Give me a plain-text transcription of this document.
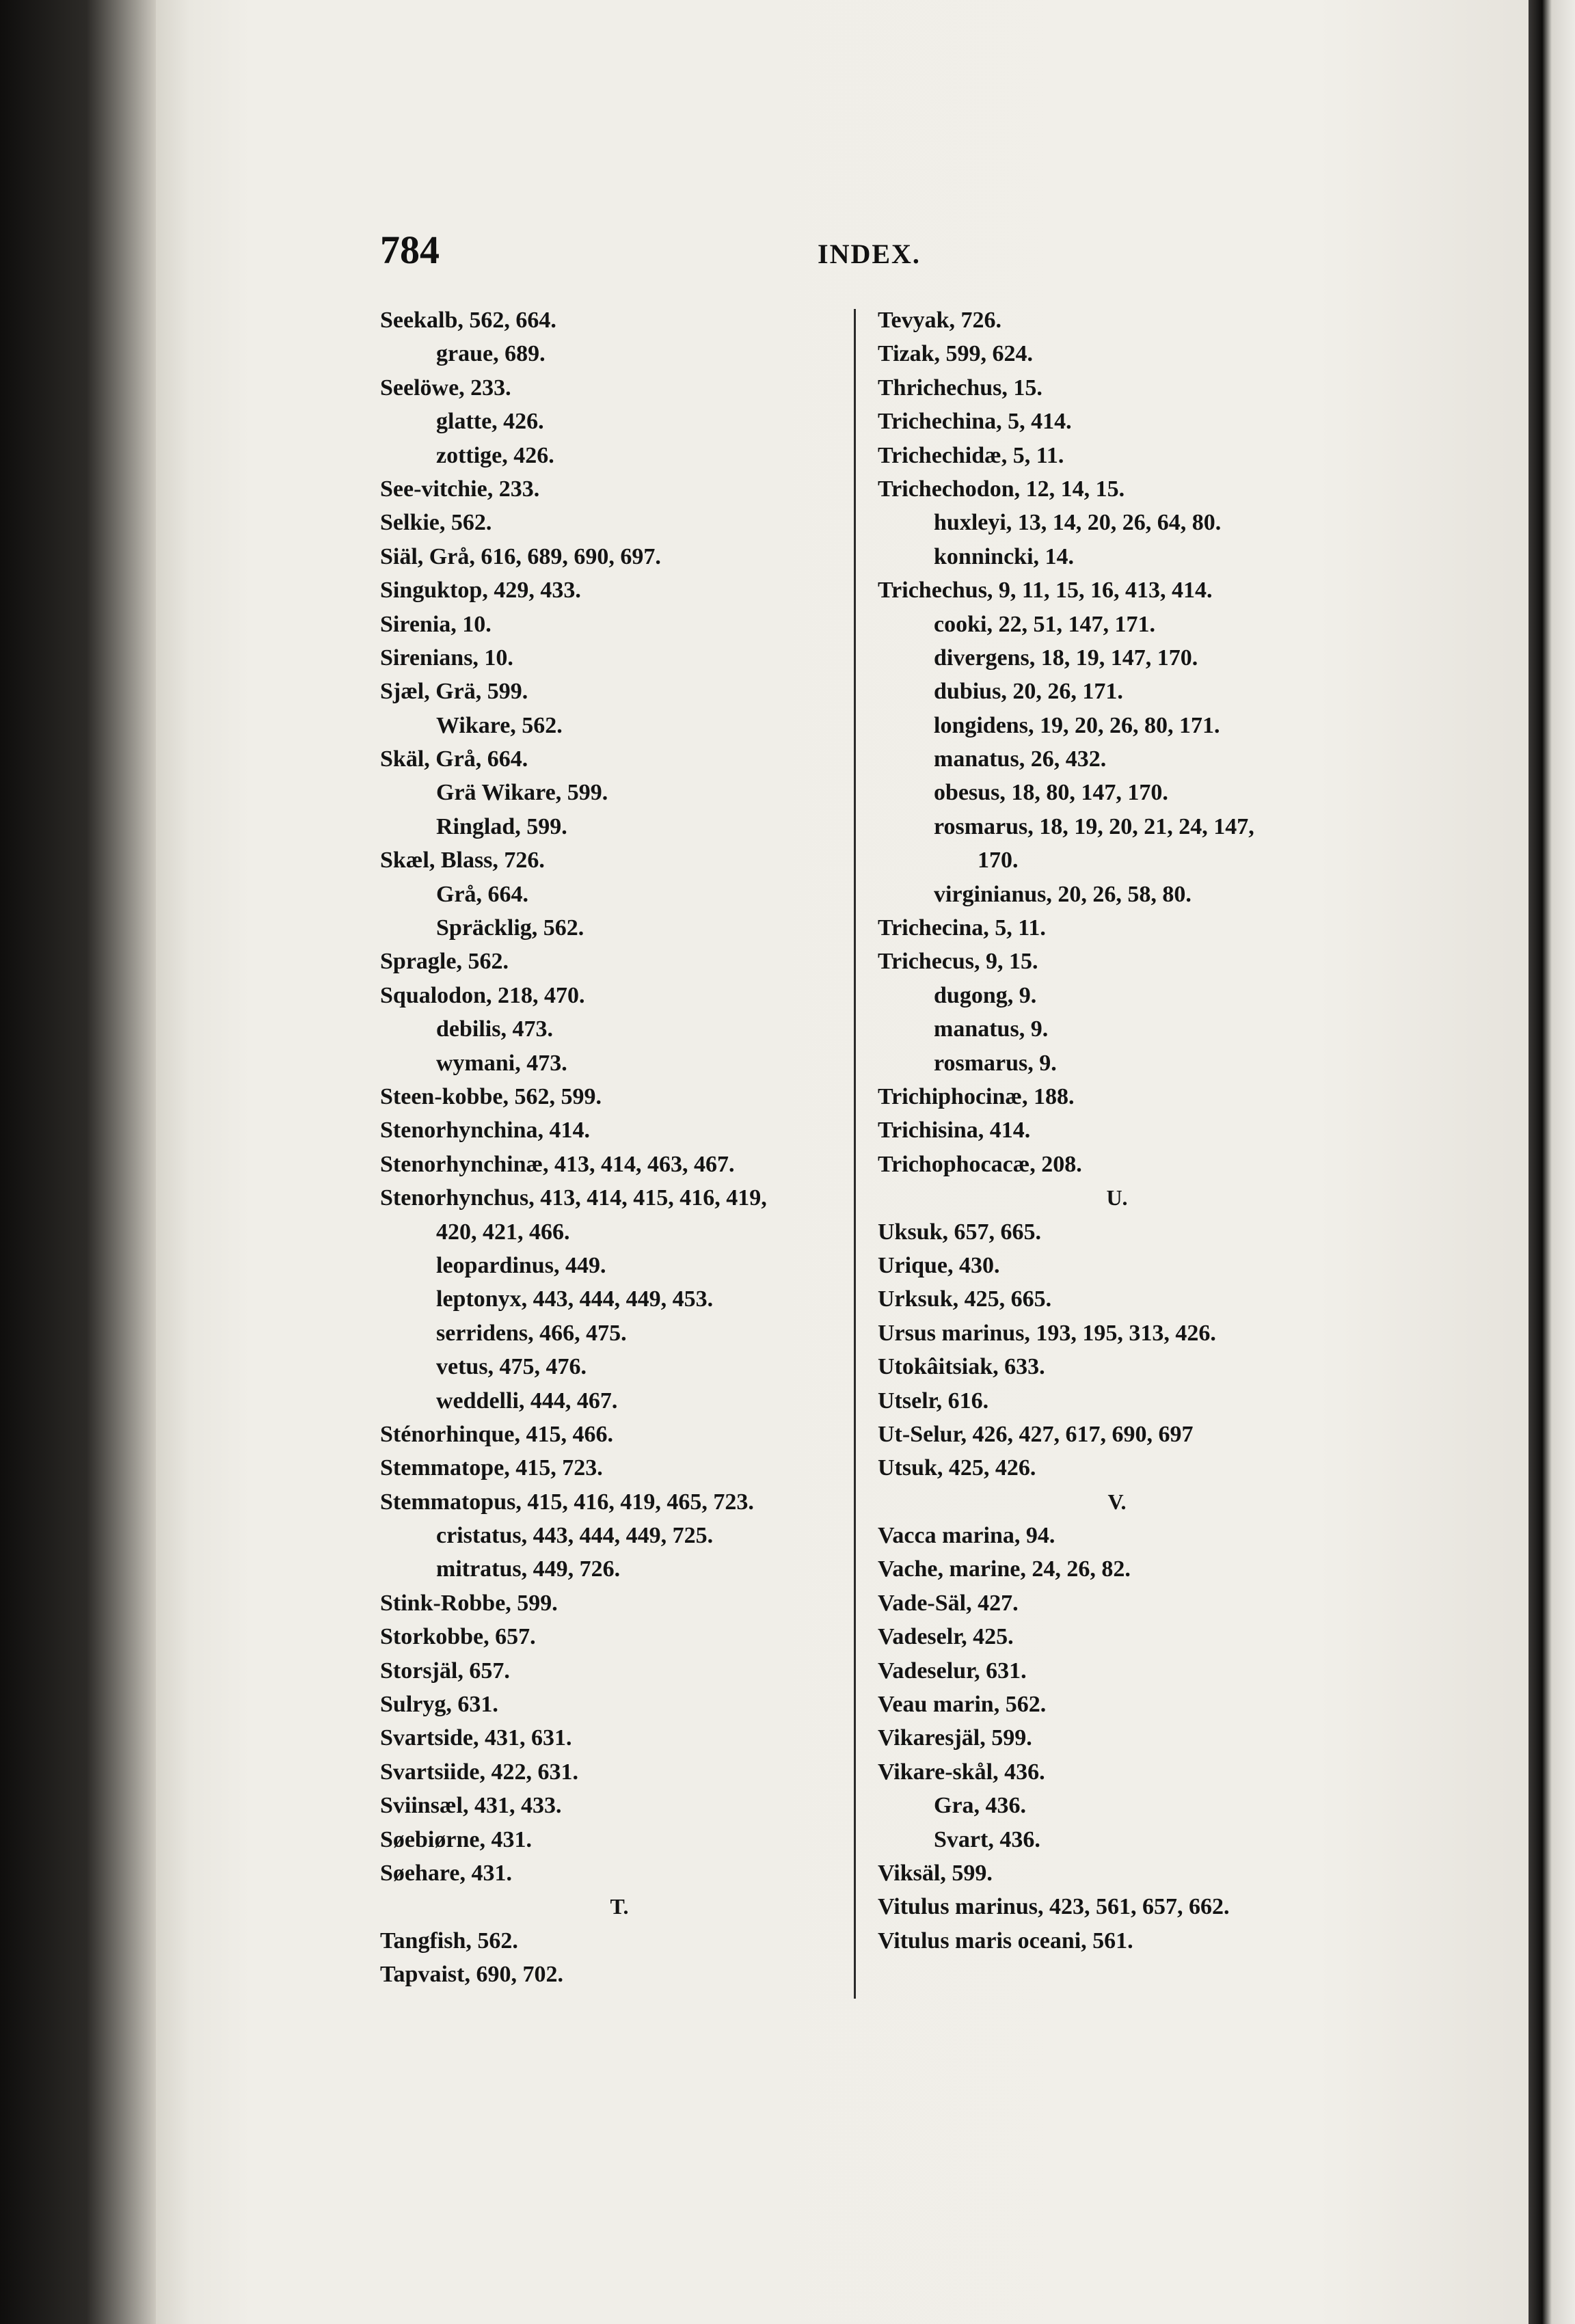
784	INDEX.
Seekalb, 562, 664.
graue, 689.
Seelöwe, 233.
glatte, 426.
zottige, 426.
See-vitchie, 233.
Selkie, 562.
Siäl, Grå, 616, 689, 690, 697.
Singuktop, 429, 433.
Sirenia, 10.
Sirenians, 10.
Sjæl, Grä, 599.
Wikare, 562.
Skäl, Grå, 664.
Grä Wikare, 599.
Ringlad, 599.
Skæl, Blass, 726.
Grå, 664.
Spräcklig, 562.
Spragle, 562.
Squalodon, 218, 470.
debilis, 473.
wymani, 473.
Steen-kobbe, 562, 599.
Stenorhynchina, 414.
Stenorhynchinæ, 413, 414, 463, 467.
Stenorhynchus, 413, 414, 415, 416, 419,
420, 421, 466.
leopardinus, 449.
leptonyx, 443, 444, 449, 453.
serridens, 466, 475.
vetus, 475, 476.
weddelli, 444, 467.
Sténorhinque, 415, 466.
Stemmatope, 415, 723.
Stemmatopus, 415, 416, 419, 465, 723.
cristatus, 443, 444, 449, 725.
mitratus, 449, 726.
Stink-Robbe, 599.
Storkobbe, 657.
Storsjäl, 657.
Sulryg, 631.
Svartside, 431, 631.
Svartsiide, 422, 631.
Sviinsæl, 431, 433.
Søebiørne, 431.
Søehare, 431.
T.
Tangfish, 562.
Tapvaist, 690, 702.
Tevyak, 726.
Tizak, 599, 624.
Thrichechus, 15.
Trichechina, 5, 414.
Trichechidæ, 5, 11.
Trichechodon, 12, 14, 15.
huxleyi, 13, 14, 20, 26, 64, 80.
konnincki, 14.
Trichechus, 9, 11, 15, 16, 413, 414.
cooki, 22, 51, 147, 171.
divergens, 18, 19, 147, 170.
dubius, 20, 26, 171.
longidens, 19, 20, 26, 80, 171.
manatus, 26, 432.
obesus, 18, 80, 147, 170.
rosmarus, 18, 19, 20, 21, 24, 147,
170.
virginianus, 20, 26, 58, 80.
Trichecina, 5, 11.
Trichecus, 9, 15.
dugong, 9.
manatus, 9.
rosmarus, 9.
Trichiphocinæ, 188.
Trichisina, 414.
Trichophocacæ, 208.
U.
Uksuk, 657, 665.
Urique, 430.
Urksuk, 425, 665.
Ursus marinus, 193, 195, 313, 426.
Utokâitsiak, 633.
Utselr, 616.
Ut-Selur, 426, 427, 617, 690, 697
Utsuk, 425, 426.
V.
Vacca marina, 94.
Vache, marine, 24, 26, 82.
Vade-Säl, 427.
Vadeselr, 425.
Vadeselur, 631.
Veau marin, 562.
Vikaresjäl, 599.
Vikare-skål, 436.
Gra, 436.
Svart, 436.
Viksäl, 599.
Vitulus marinus, 423, 561, 657, 662.
Vitulus maris oceani, 561.
